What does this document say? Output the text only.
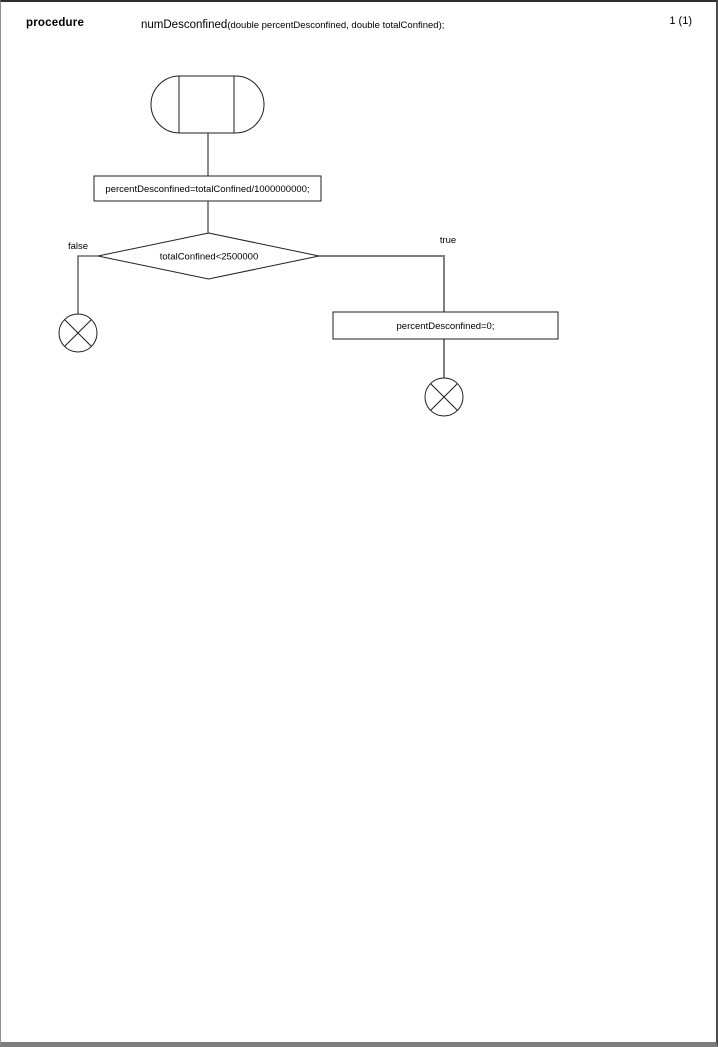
procedure	numDesconfined(double percentDesconfined, double totalConfined);	1 (1)
percentDesconfined=totalConfined/1000000000;
totalConfined<2500000
false
true
percentDesconfined=0;
